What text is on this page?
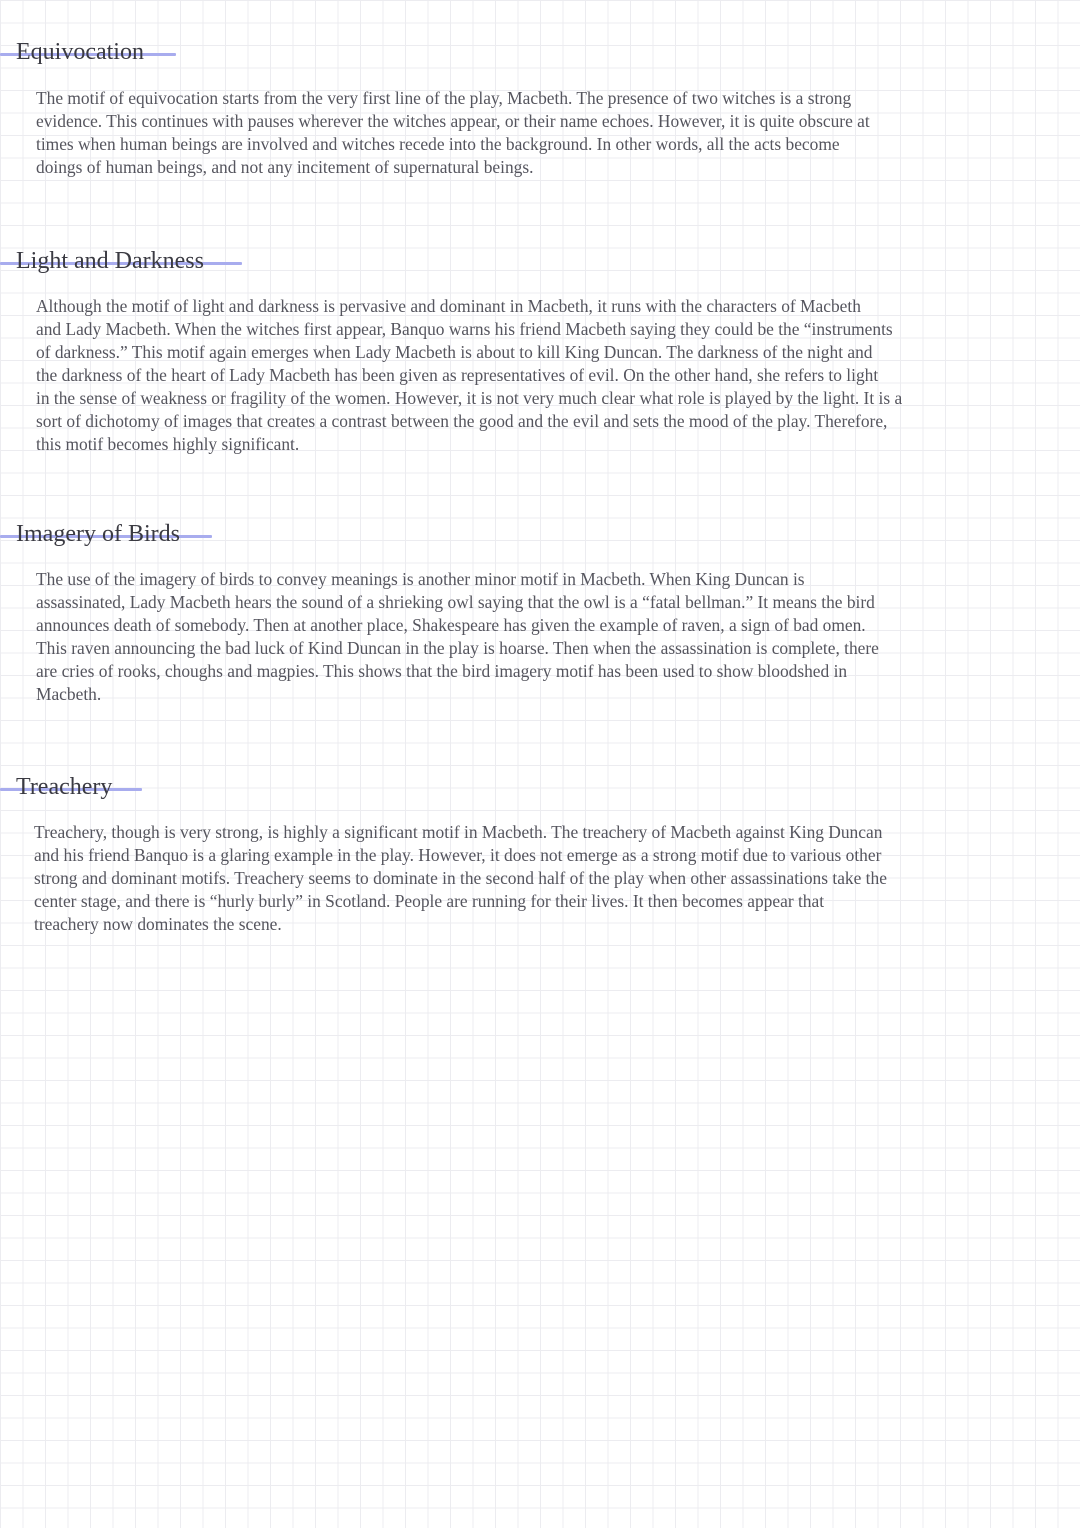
Equivocation
The motif of equivocation starts from the very first line of the play, Macbeth. The presence of two witches is a strong
evidence. This continues with pauses wherever the witches appear, or their name echoes. However, it is quite obscure at
times when human beings are involved and witches recede into the background. In other words, all the acts become
doings of human beings, and not any incitement of supernatural beings.
Light and Darkness
Although the motif of light and darkness is pervasive and dominant in Macbeth, it runs with the characters of Macbeth
and Lady Macbeth. When the witches first appear, Banquo warns his friend Macbeth saying they could be the “instruments
of darkness.” This motif again emerges when Lady Macbeth is about to kill King Duncan. The darkness of the night and
the darkness of the heart of Lady Macbeth has been given as representatives of evil. On the other hand, she refers to light
in the sense of weakness or fragility of the women. However, it is not very much clear what role is played by the light. It is a
sort of dichotomy of images that creates a contrast between the good and the evil and sets the mood of the play. Therefore,
this motif becomes highly significant.
Imagery of Birds
The use of the imagery of birds to convey meanings is another minor motif in Macbeth. When King Duncan is
assassinated, Lady Macbeth hears the sound of a shrieking owl saying that the owl is a “fatal bellman.” It means the bird
announces death of somebody. Then at another place, Shakespeare has given the example of raven, a sign of bad omen.
This raven announcing the bad luck of Kind Duncan in the play is hoarse. Then when the assassination is complete, there
are cries of rooks, choughs and magpies. This shows that the bird imagery motif has been used to show bloodshed in
Macbeth.
Treachery
Treachery, though is very strong, is highly a significant motif in Macbeth. The treachery of Macbeth against King Duncan
and his friend Banquo is a glaring example in the play. However, it does not emerge as a strong motif due to various other
strong and dominant motifs. Treachery seems to dominate in the second half of the play when other assassinations take the
center stage, and there is “hurly burly” in Scotland. People are running for their lives. It then becomes appear that
treachery now dominates the scene.
